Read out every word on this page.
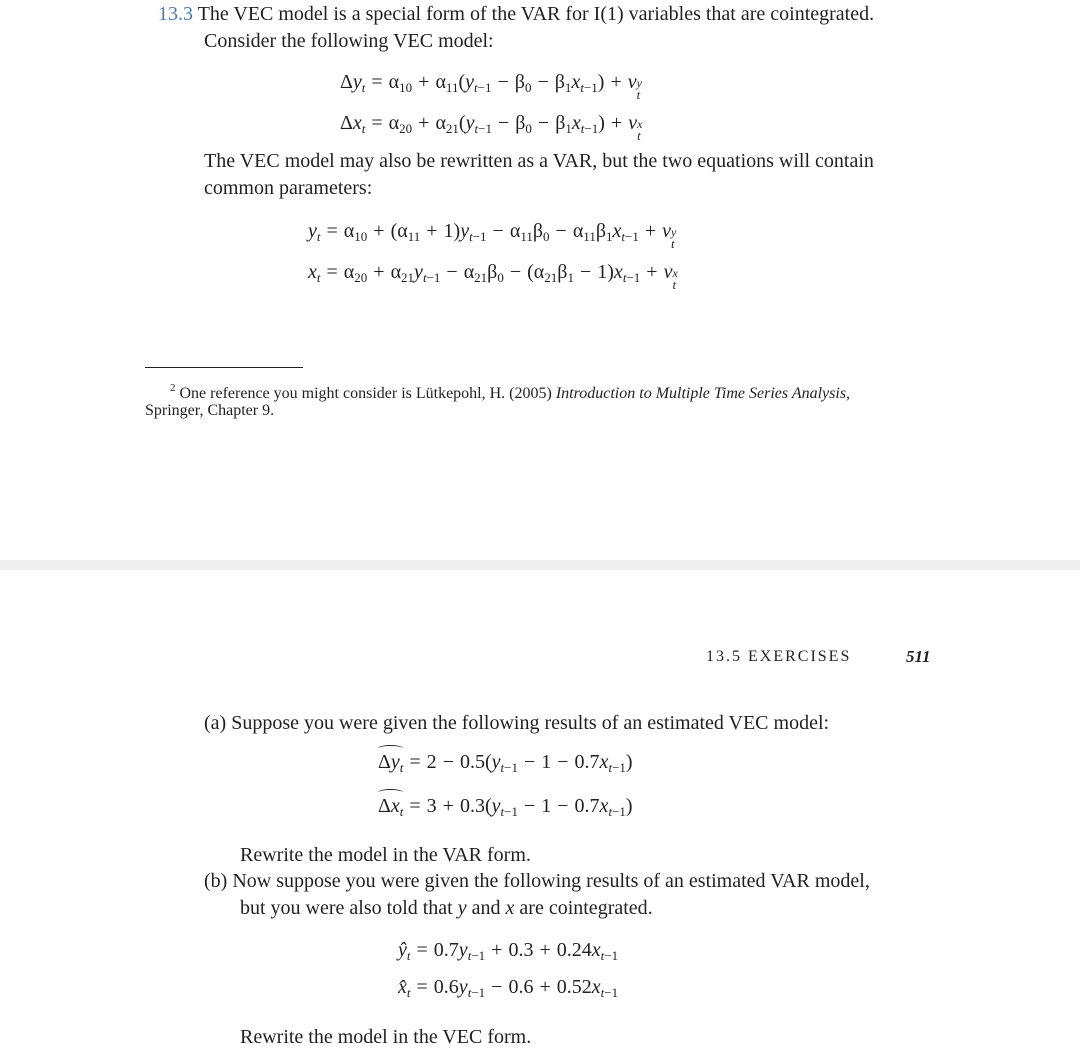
13.3 The VEC model is a special form of the VAR for I(1) variables that are cointegrated.
Consider the following VEC model:
$\Delta y_t = \alpha_{10} + \alpha_{11}(y_{t-1} - \beta_0 - \beta_1x_{t-1}) + v$ y
t
$\Delta x_t = \alpha_{20} + \alpha_{21}(y_{t-1} - \beta_0 - \beta_1x_{t-1}) + v$ x
t
The VEC model may also be rewritten as a VAR, but the two equations will contain
common parameters:
$y_t = \alpha_{10} + (\alpha_{11} + 1)y_{t-1} - \alpha_{11}\beta_0 - \alpha_{11}\beta_1x_{t-1} + v$ y
t
$x_t = \alpha_{20} + \alpha_{21}y_{t-1} - \alpha_{21}\beta_0 - (\alpha_{21}\beta_1 - 1)x_{t-1} + v$ x
t
$^2$ One reference you might consider is Lütkepohl, H. (2005) Introduction to Multiple Time Series Analysis,
Springer, Chapter 9.
13.5 EXERCISES	511
(a) Suppose you were given the following results of an estimated VEC model:
$\Delta y_t = 2 - 0.5(y_{t-1} - 1 - 0.7x_{t-1})$
$\Delta x_t = 3 + 0.3(y_{t-1} - 1 - 0.7x_{t-1})$
Rewrite the model in the VAR form.
(b) Now suppose you were given the following results of an estimated VAR model,
but you were also told that y and x are cointegrated.
$ŷ_t = 0.7y_{t-1} + 0.3 + 0.24x_{t-1}$
$x̂_t = 0.6y_{t-1} - 0.6 + 0.52x_{t-1}$
Rewrite the model in the VEC form.
